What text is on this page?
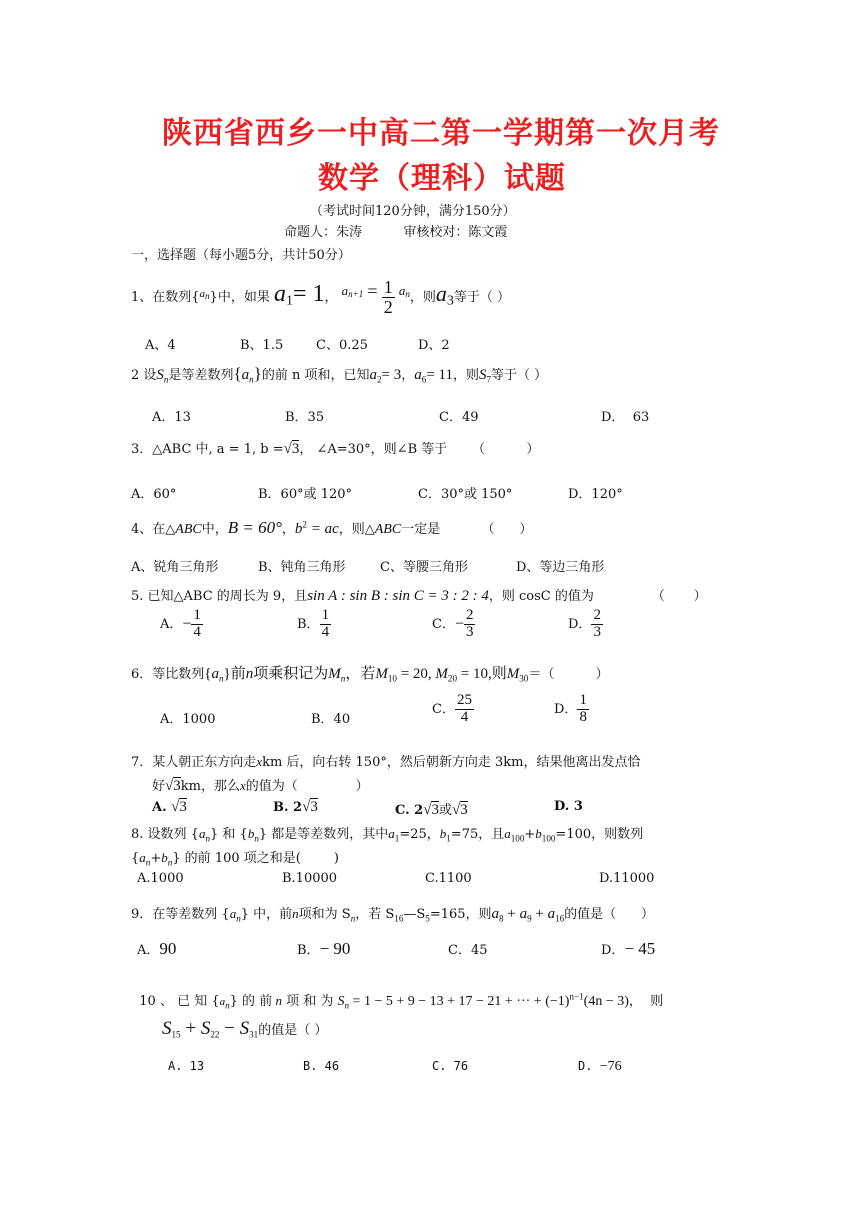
陕西省西乡一中高二第一学期第一次月考
数学（理科）试题
（考试时间120分钟，满分150分）
命题人：朱涛          审核校对：陈文霞
一，选择题（每小题5分，共计50分）
1、在数列{$^a$n}中，如果 $a_1= 1$， $a^{n+1} = \frac{1}{2} a^n$，则$a_3$等于（ ）
A、4	B、1.5	C、0.25	D、2
2 设$S_n$是等差数列$\{a_n\}$的前 n 项和，已知$a_2= 3$，$a_6= 11$，则$S_7$等于（ ）
A．13	B．35	C．49	D．  63
3．△ABC 中, a = 1, b =√3， ∠A=30°，则∠B 等于      （          ）
A．60°	B．60°或 120°	C．30°或 150°	D．120°
4、在△ABC中，B = 60°，$b^2$ = ac，则△ABC一定是          （      ）
A、锐角三角形	B、钝角三角形	C、等腰三角形	D、等边三角形
5. 已知△ABC 的周长为 9，且sin A : sin B : sin C = 3 : 2 : 4，则 cosC 的值为              （       ）
A．− $\frac{1}{4}$	B． $\frac{1}{4}$	C．− $\frac{2}{3}$	D． $\frac{2}{3}$
6．等比数列$\{a_n\}$前n项乘积记为$M_n$，若$M_{10} = 20$, $M_{20} = 10$,则$M_{30}=$（          ）
A．1000	B．40
C． $\frac{25}{4}$	D． $\frac{1}{8}$
7．某人朝正东方向走xkm 后，向右转 150°，然后朝新方向走 3km，结果他离出发点恰
好√3km，那么x的值为（              ）
A. √3	B. 2√3	C. 2√3或√3	D. 3
8. 设数列 $\{a_n\}$ 和 $\{b_n\}$ 都是等差数列，其中$a_1=25$，$b_1=75$，且$a_{100}+b_{100}=100$，则数列
$\{a_n+b_n\}$ 的前 100 项之和是(        )
A.1000	B.10000	C.1100	D.11000
9．在等差数列 $\{a_n\}$ 中，前n项和为 $S_n$，若 $S_{16}—S_5=165$，则$a_8 + a_9 + a_{16}$的值是（      ）
A．90	B．− 90	C．45	D．− 45

10 、 已 知 $\{a_n\}$ 的 前 n 项 和 为 $S_n = 1 - 5 + 9 - 13 + 17 - 21$ + ··· + $(-1)^{n-1}(4n - 3)$，  则

$S_{15} + S_{22} - S_{31}$的值是（ ）
A. 13	B. 46	C. 76	D. −76
